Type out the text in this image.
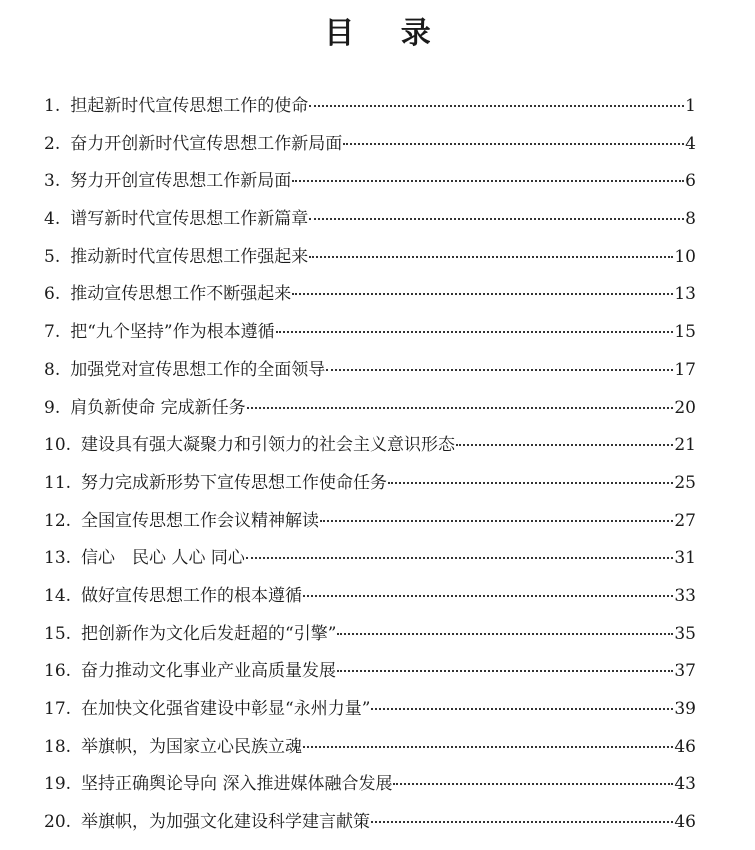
目 录
1. 担起新时代宣传思想工作的使命	1
2. 奋力开创新时代宣传思想工作新局面	4
3. 努力开创宣传思想工作新局面	6
4. 谱写新时代宣传思想工作新篇章	8
5. 推动新时代宣传思想工作强起来	10
6. 推动宣传思想工作不断强起来	13
7. 把“九个坚持”作为根本遵循	15
8. 加强党对宣传思想工作的全面领导	17
9. 肩负新使命 完成新任务	20
10. 建设具有强大凝聚力和引领力的社会主义意识形态	21
11. 努力完成新形势下宣传思想工作使命任务	25
12. 全国宣传思想工作会议精神解读	27
13. 信心　民心 人心 同心	31
14. 做好宣传思想工作的根本遵循	33
15. 把创新作为文化后发赶超的“引擎”	35
16. 奋力推动文化事业产业高质量发展	37
17. 在加快文化强省建设中彰显“永州力量”	39
18. 举旗帜，为国家立心民族立魂	46
19. 坚持正确舆论导向 深入推进媒体融合发展	43
20. 举旗帜，为加强文化建设科学建言献策	46
